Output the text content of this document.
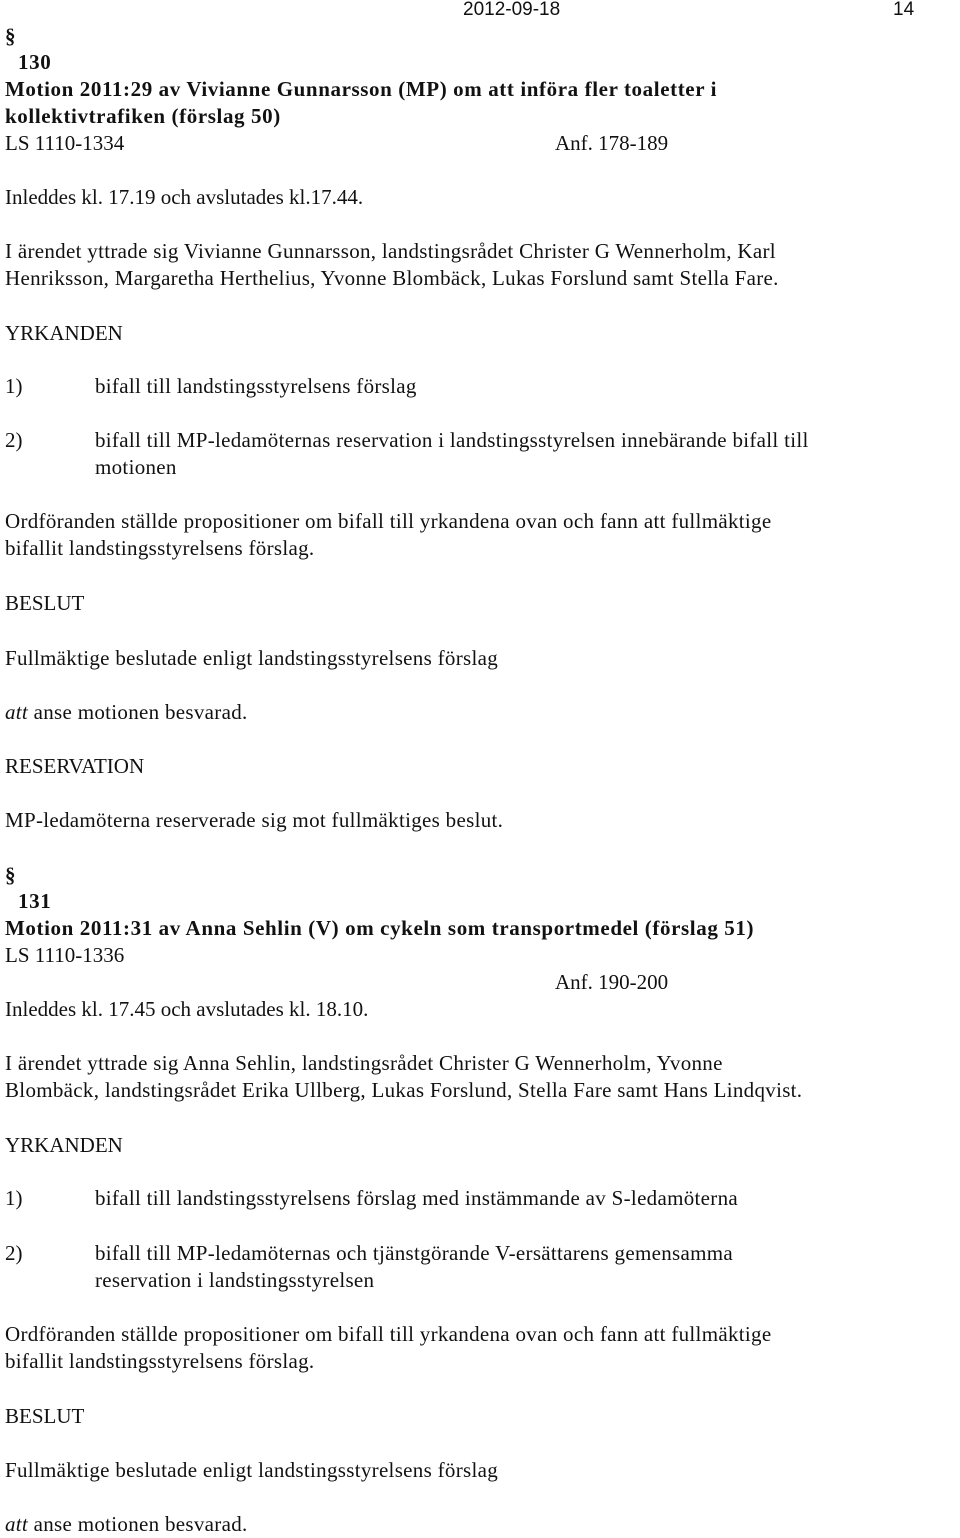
2012-09-18	14
§
130
Motion 2011:29 av Vivianne Gunnarsson (MP) om att införa fler toaletter i
kollektivtrafiken (förslag 50)
LS 1110-1334	Anf. 178-189
Inleddes kl. 17.19 och avslutades kl.17.44.
I ärendet yttrade sig Vivianne Gunnarsson, landstingsrådet Christer G Wennerholm, Karl
Henriksson, Margaretha Herthelius, Yvonne Blombäck, Lukas Forslund samt Stella Fare.
YRKANDEN
1)	bifall till landstingsstyrelsens förslag
2)	bifall till MP-ledamöternas reservation i landstingsstyrelsen innebärande bifall till
motionen
Ordföranden ställde propositioner om bifall till yrkandena ovan och fann att fullmäktige
bifallit landstingsstyrelsens förslag.
BESLUT
Fullmäktige beslutade enligt landstingsstyrelsens förslag
att anse motionen besvarad.
RESERVATION
MP-ledamöterna reserverade sig mot fullmäktiges beslut.
§
131
Motion 2011:31 av Anna Sehlin (V) om cykeln som transportmedel (förslag 51)
LS 1110-1336
Anf. 190-200
Inleddes kl. 17.45 och avslutades kl. 18.10.
I ärendet yttrade sig Anna Sehlin, landstingsrådet Christer G Wennerholm, Yvonne
Blombäck, landstingsrådet Erika Ullberg, Lukas Forslund, Stella Fare samt Hans Lindqvist.
YRKANDEN
1)	bifall till landstingsstyrelsens förslag med instämmande av S-ledamöterna
2)	bifall till MP-ledamöternas och tjänstgörande V-ersättarens gemensamma
reservation i landstingsstyrelsen
Ordföranden ställde propositioner om bifall till yrkandena ovan och fann att fullmäktige
bifallit landstingsstyrelsens förslag.
BESLUT
Fullmäktige beslutade enligt landstingsstyrelsens förslag
att anse motionen besvarad.
